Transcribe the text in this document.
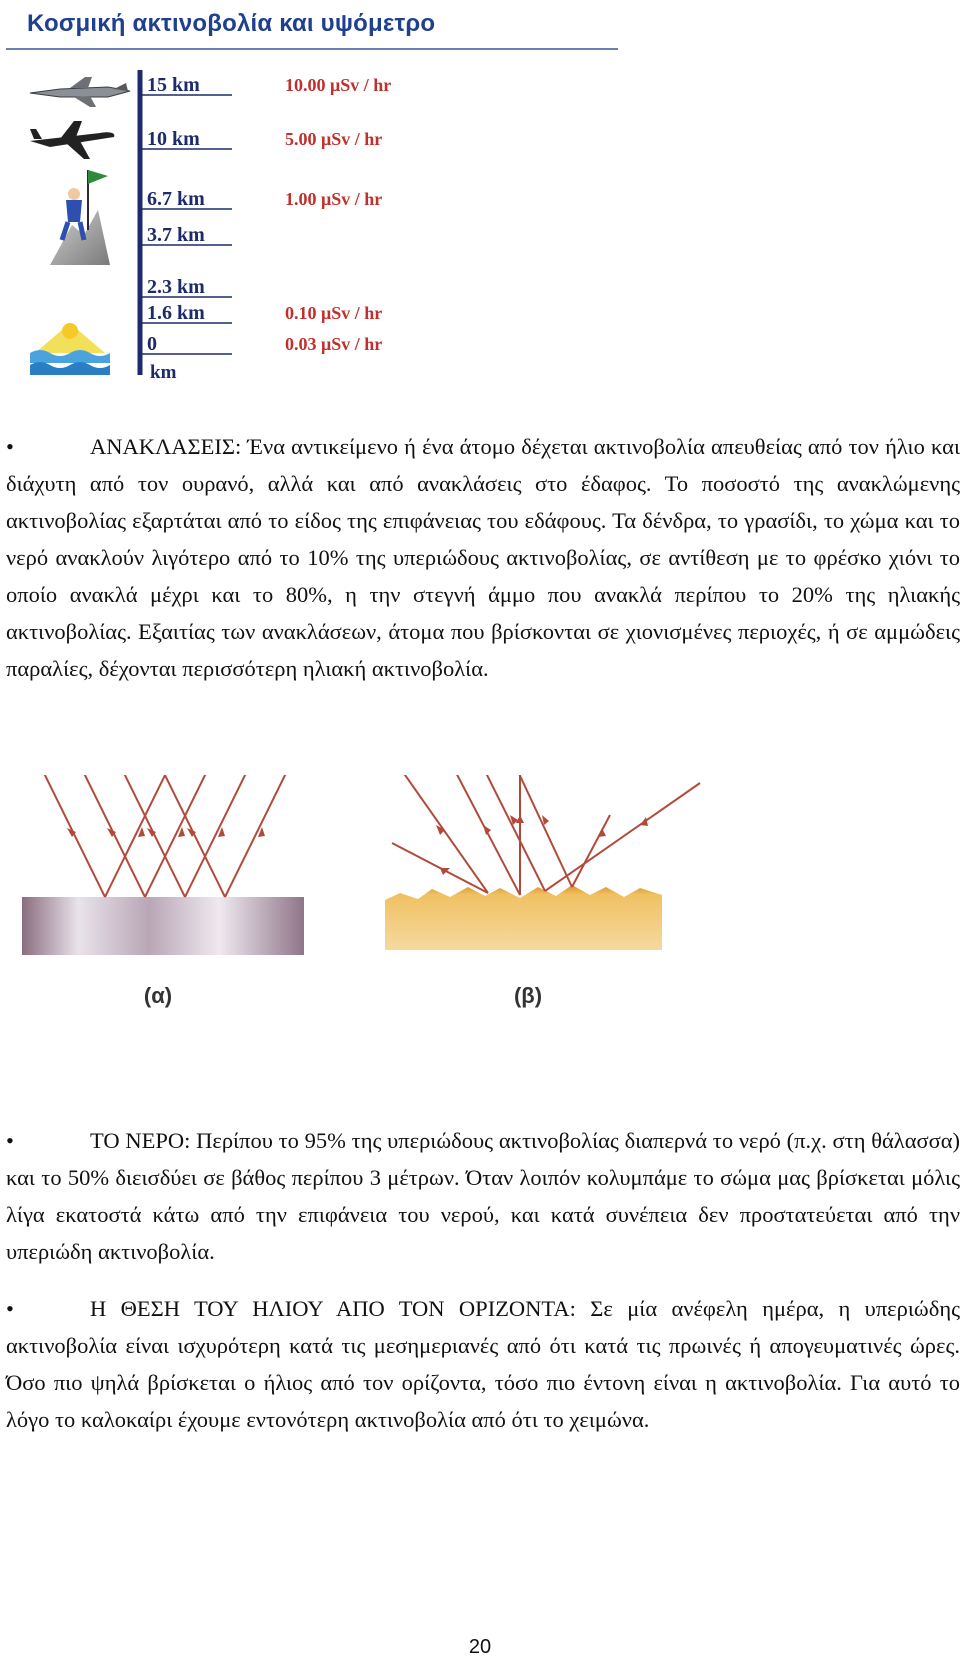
Κοσμική ακτινοβολία και υψόμετρο
15 km	10.00 μSv / hr
10 km	5.00 μSv / hr
6.7 km	1.00 μSv / hr
3.7 km
2.3 km
1.6 km	0.10 μSv / hr
0	0.03 μSv / hr
km

•	ΑΝΑΚΛΑΣΕΙΣ: Ένα αντικείμενο ή ένα άτομο δέχεται ακτινοβολία απευθείας από τον ήλιο και διάχυτη από τον ουρανό, αλλά και από ανακλάσεις στο έδαφος. Το ποσοστό της ανακλώμενης ακτινοβολίας εξαρτάται από το είδος της επιφάνειας του εδάφους. Τα δένδρα, το γρασίδι, το χώμα και το νερό ανακλούν λιγότερο από το 10% της υπεριώδους ακτινοβολίας, σε αντίθεση με το φρέσκο χιόνι το οποίο ανακλά μέχρι και το 80%, η την στεγνή άμμο που ανακλά περίπου το 20% της ηλιακής ακτινοβολίας. Εξαιτίας των ανακλάσεων, άτομα που βρίσκονται σε χιονισμένες περιοχές, ή σε αμμώδεις παραλίες, δέχονται περισσότερη ηλιακή ακτινοβολία.

(α)	(β)

•	ΤΟ ΝΕΡΟ: Περίπου το 95% της υπεριώδους ακτινοβολίας διαπερνά το νερό (π.χ. στη θάλασσα) και το 50% διεισδύει σε βάθος περίπου 3 μέτρων. Όταν λοιπόν κολυμπάμε το σώμα μας βρίσκεται μόλις λίγα εκατοστά κάτω από την επιφάνεια του νερού, και κατά συνέπεια δεν προστατεύεται από την υπεριώδη ακτινοβολία.

•	Η ΘΕΣΗ ΤΟΥ ΗΛΙΟΥ ΑΠΟ ΤΟΝ ΟΡΙΖΟΝΤΑ: Σε μία ανέφελη ημέρα, η υπεριώδης ακτινοβολία είναι ισχυρότερη κατά τις μεσημεριανές από ότι κατά τις πρωινές ή απογευματινές ώρες. Όσο πιο ψηλά βρίσκεται ο ήλιος από τον ορίζοντα, τόσο πιο έντονη είναι η ακτινοβολία. Για αυτό το λόγο το καλοκαίρι έχουμε εντονότερη ακτινοβολία από ότι το χειμώνα.

20
